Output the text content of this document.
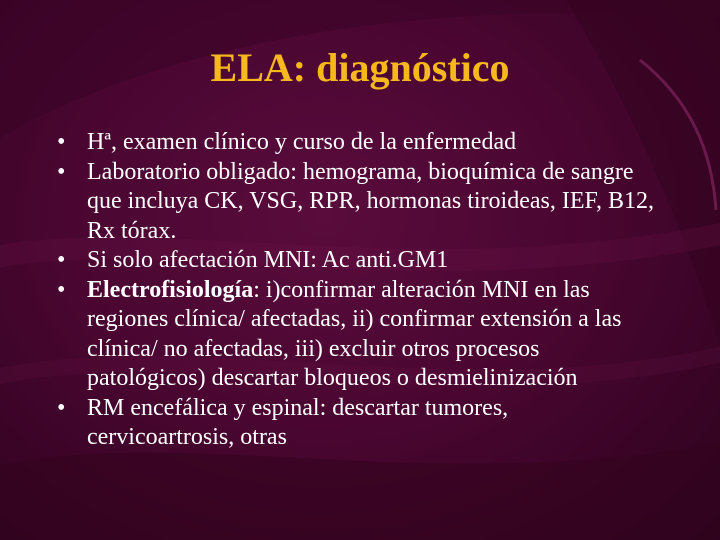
ELA: diagnóstico
• Hª, examen clínico y curso de la enfermedad
• Laboratorio obligado: hemograma, bioquímica de sangre que incluya CK, VSG, RPR, hormonas tiroideas, IEF, B12, Rx tórax.
• Si solo afectación MNI: Ac anti.GM1
• Electrofisiología: i)confirmar alteración MNI en las regiones clínica/ afectadas, ii) confirmar extensión a las clínica/ no afectadas, iii) excluir otros procesos patológicos) descartar bloqueos o desmielinización
• RM encefálica y espinal: descartar tumores, cervicoartrosis, otras
